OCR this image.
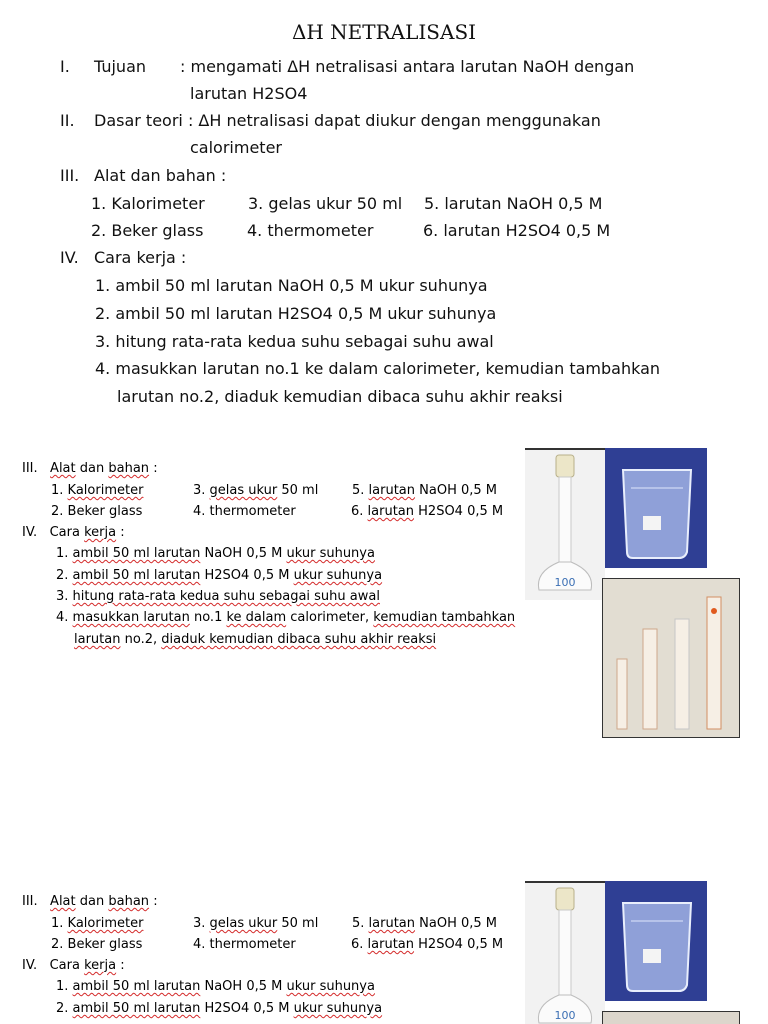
ΔH NETRALISASI
I. Tujuan : mengamati ΔH netralisasi antara larutan NaOH dengan
larutan H2SO4
II. Dasar teori : ΔH netralisasi dapat diukur dengan menggunakan
calorimeter
III. Alat dan bahan :
1. Kalorimeter	3. gelas ukur 50 ml 5. larutan NaOH 0,5 M
2. Beker glass	4. thermometer	6. larutan H2SO4 0,5 M
IV. Cara kerja :
1. ambil 50 ml larutan NaOH 0,5 M ukur suhunya
2. ambil 50 ml larutan H2SO4 0,5 M ukur suhunya
3. hitung rata-rata kedua suhu sebagai suhu awal
4. masukkan larutan no.1 ke dalam calorimeter, kemudian tambahkan
larutan no.2, diaduk kemudian dibaca suhu akhir reaksi
III. Alat dan bahan :
1. Kalorimeter	3. gelas ukur 50 ml	5. larutan NaOH 0,5 M
2. Beker glass	4. thermometer	6. larutan H2SO4 0,5 M
IV. Cara kerja :
1. ambil 50 ml larutan NaOH 0,5 M ukur suhunya
2. ambil 50 ml larutan H2SO4 0,5 M ukur suhunya
3. hitung rata-rata kedua suhu sebagai suhu awal
4. masukkan larutan no.1 ke dalam calorimeter, kemudian tambahkan
larutan no.2, diaduk kemudian dibaca suhu akhir reaksi
100
III. Alat dan bahan :
1. Kalorimeter	3. gelas ukur 50 ml	5. larutan NaOH 0,5 M
2. Beker glass	4. thermometer	6. larutan H2SO4 0,5 M
IV. Cara kerja :
1. ambil 50 ml larutan NaOH 0,5 M ukur suhunya
2. ambil 50 ml larutan H2SO4 0,5 M ukur suhunya	100
